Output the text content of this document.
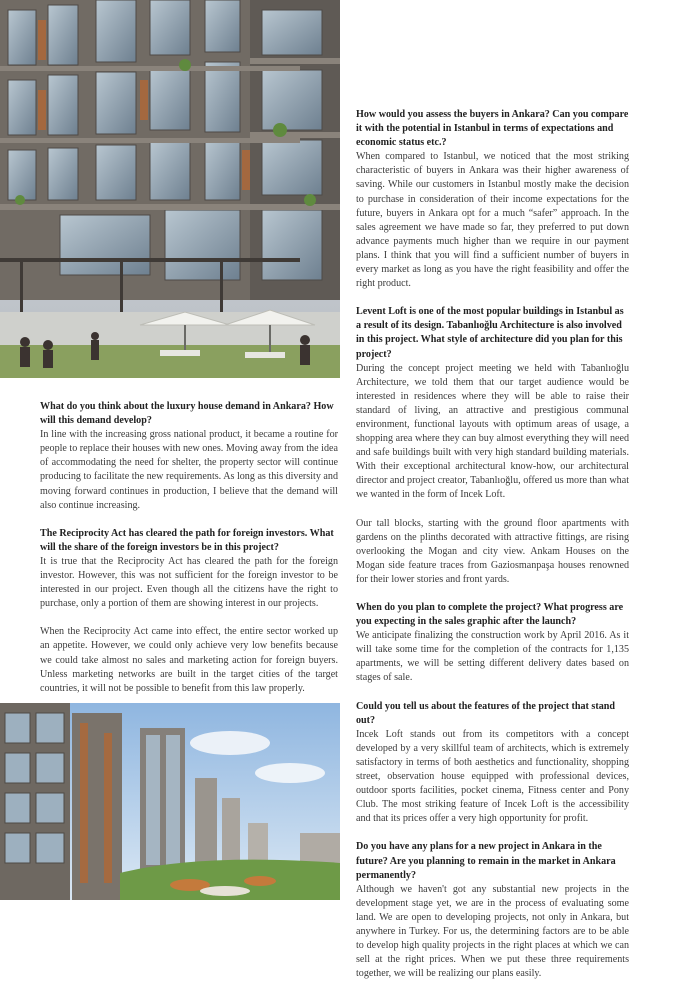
What do you think about the luxury house demand in Ankara? How will this demand develop?

In line with the increasing gross national product, it became a routine for people to replace their houses with new ones. Moving away from the idea of accommodating the need for shelter, the property sector will continue producing to facilitate the new requirements. As long as this diversity and moving forward continues in production, I believe that the demand will also continue increasing.

The Reciprocity Act has cleared the path for foreign investors. What will the share of the foreign investors be in this project?

It is true that the Reciprocity Act has cleared the path for the foreign investor. However, this was not sufficient for the foreign investor to be interested in our project. Even though all the citizens have the right to purchase, only a portion of them are showing interest in our projects.

When the Reciprocity Act came into effect, the entire sector worked up an appetite. However, we could only achieve very low benefits because we could take almost no sales and marketing action for foreign buyers. Unless marketing networks are built in the target cities of the target countries, it will not be possible to benefit from this law properly.

How would you assess the buyers in Ankara? Can you compare it with the potential in Istanbul in terms of expectations and economic status etc.?

When compared to Istanbul, we noticed that the most striking characteristic of buyers in Ankara was their higher awareness of saving. While our customers in Istanbul mostly make the decision to purchase in consideration of their income expectations for the future, buyers in Ankara opt for a much “safer” approach. In the sales agreement we have made so far, they preferred to put down advance payments much higher than we require in our payment plans. I think that you will find a sufficient number of buyers in every market as long as you have the right feasibility and offer the right product.

Levent Loft is one of the most popular buildings in Istanbul as a result of its design. Tabanlıoğlu Architecture is also involved in this project. What style of architecture did you plan for this project?

During the concept project meeting we held with Tabanlıoğlu Architecture, we told them that our target audience would be interested in residences where they will be able to raise their standard of living, an attractive and prestigious communal environment, functional layouts with optimum areas of usage, a shopping area where they can buy almost everything they will need and safe buildings built with very high standard building materials. With their exceptional architectural know-how, our architectural director and project creator, Tabanlıoğlu, offered us more than what we wanted in the form of Incek Loft.

Our tall blocks, starting with the ground floor apartments with gardens on the plinths decorated with attractive fittings, are rising overlooking the Mogan and city view. Ankam Houses on the Mogan side feature traces from Gaziosmanpaşa houses renowned for their lower stories and front yards.

When do you plan to complete the project? What progress are you expecting in the sales graphic after the launch?

We anticipate finalizing the construction work by April 2016. As it will take some time for the completion of the contracts for 1,135 apartments, we will be setting different delivery dates based on stages of sale.

Could you tell us about the features of the project that stand out?

Incek Loft stands out from its competitors with a concept developed by a very skillful team of architects, which is extremely satisfactory in terms of both aesthetics and functionality, shopping street, observation house equipped with professional devices, outdoor sports facilities, pocket cinema, Fitness center and Pony Club. The most striking feature of Incek Loft is the accessibility and that its prices offer a very high opportunity for profit.

Do you have any plans for a new project in Ankara in the future? Are you planning to remain in the market in Ankara permanently?

Although we haven't got any substantial new projects in the development stage yet, we are in the process of evaluating some land. We are open to developing projects, not only in Ankara, but anywhere in Turkey. For us, the determining factors are to be able to develop high quality projects in the right places at which we can sell at the right prices. When we put these three requirements together, we will be realizing our plans easily.
